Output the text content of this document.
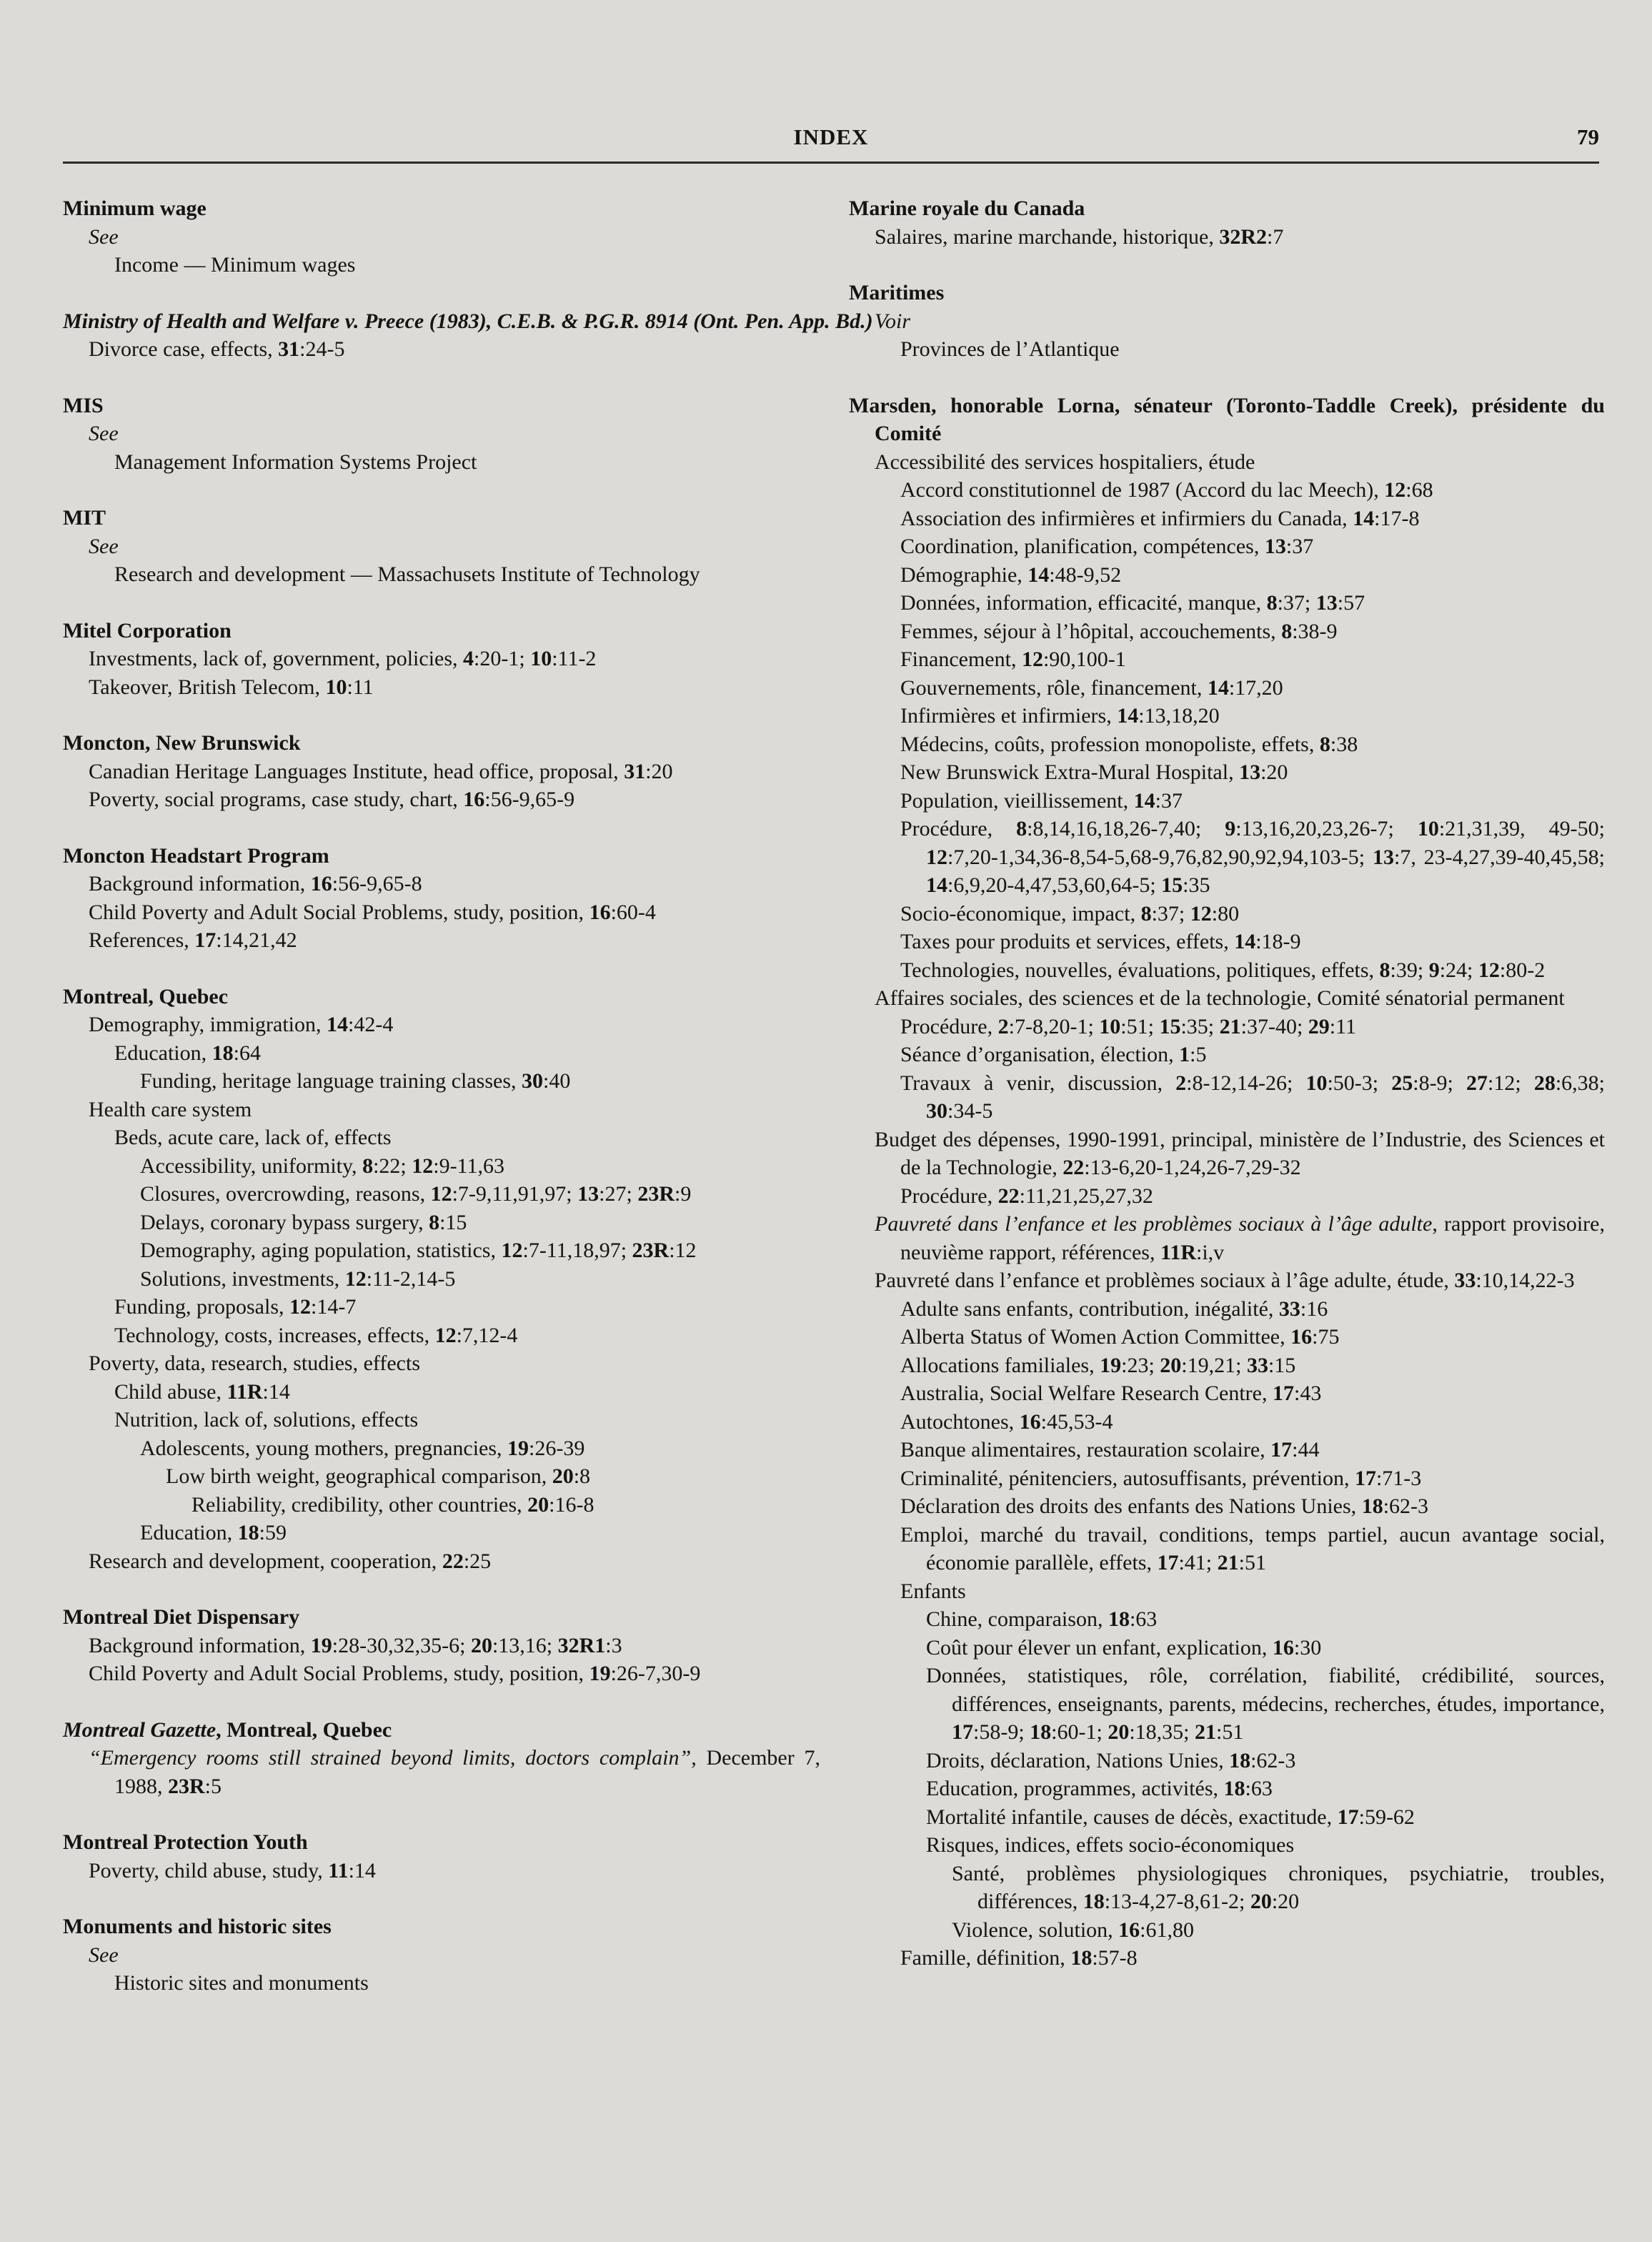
INDEX	79
Minimum wage
See
Income — Minimum wages
Ministry of Health and Welfare v. Preece (1983), C.E.B. & P.G.R. 8914 (Ont. Pen. App. Bd.)
Divorce case, effects, 31:24-5
MIS
See
Management Information Systems Project
MIT
See
Research and development — Massachusets Institute of Technology
Mitel Corporation
Investments, lack of, government, policies, 4:20-1; 10:11-2
Takeover, British Telecom, 10:11
Moncton, New Brunswick
Canadian Heritage Languages Institute, head office, proposal, 31:20
Poverty, social programs, case study, chart, 16:56-9,65-9
Moncton Headstart Program
Background information, 16:56-9,65-8
Child Poverty and Adult Social Problems, study, position, 16:60-4
References, 17:14,21,42
Montreal, Quebec
Demography, immigration, 14:42-4
Education, 18:64
Funding, heritage language training classes, 30:40
Health care system
Beds, acute care, lack of, effects
Accessibility, uniformity, 8:22; 12:9-11,63
Closures, overcrowding, reasons, 12:7-9,11,91,97; 13:27; 23R:9
Delays, coronary bypass surgery, 8:15
Demography, aging population, statistics, 12:7-11,18,97; 23R:12
Solutions, investments, 12:11-2,14-5
Funding, proposals, 12:14-7
Technology, costs, increases, effects, 12:7,12-4
Poverty, data, research, studies, effects
Child abuse, 11R:14
Nutrition, lack of, solutions, effects
Adolescents, young mothers, pregnancies, 19:26-39
Low birth weight, geographical comparison, 20:8
Reliability, credibility, other countries, 20:16-8
Education, 18:59
Research and development, cooperation, 22:25
Montreal Diet Dispensary
Background information, 19:28-30,32,35-6; 20:13,16; 32R1:3
Child Poverty and Adult Social Problems, study, position, 19:26-7,30-9
Montreal Gazette, Montreal, Quebec
“Emergency rooms still strained beyond limits, doctors complain”, December 7, 1988, 23R:5
Montreal Protection Youth
Poverty, child abuse, study, 11:14
Monuments and historic sites
See
Historic sites and monuments
Marine royale du Canada
Salaires, marine marchande, historique, 32R2:7
Maritimes
Voir
Provinces de l’Atlantique
Marsden, honorable Lorna, sénateur (Toronto-Taddle Creek), présidente du Comité
Accessibilité des services hospitaliers, étude
Accord constitutionnel de 1987 (Accord du lac Meech), 12:68
Association des infirmières et infirmiers du Canada, 14:17-8
Coordination, planification, compétences, 13:37
Démographie, 14:48-9,52
Données, information, efficacité, manque, 8:37; 13:57
Femmes, séjour à l’hôpital, accouchements, 8:38-9
Financement, 12:90,100-1
Gouvernements, rôle, financement, 14:17,20
Infirmières et infirmiers, 14:13,18,20
Médecins, coûts, profession monopoliste, effets, 8:38
New Brunswick Extra-Mural Hospital, 13:20
Population, vieillissement, 14:37
Procédure, 8:8,14,16,18,26-7,40; 9:13,16,20,23,26-7; 10:21,31,39, 49-50; 12:7,20-1,34,36-8,54-5,68-9,76,82,90,92,94,103-5; 13:7, 23-4,27,39-40,45,58; 14:6,9,20-4,47,53,60,64-5; 15:35
Socio-économique, impact, 8:37; 12:80
Taxes pour produits et services, effets, 14:18-9
Technologies, nouvelles, évaluations, politiques, effets, 8:39; 9:24; 12:80-2
Affaires sociales, des sciences et de la technologie, Comité sénatorial permanent
Procédure, 2:7-8,20-1; 10:51; 15:35; 21:37-40; 29:11
Séance d’organisation, élection, 1:5
Travaux à venir, discussion, 2:8-12,14-26; 10:50-3; 25:8-9; 27:12; 28:6,38; 30:34-5
Budget des dépenses, 1990-1991, principal, ministère de l’Industrie, des Sciences et de la Technologie, 22:13-6,20-1,24,26-7,29-32
Procédure, 22:11,21,25,27,32
Pauvreté dans l’enfance et les problèmes sociaux à l’âge adulte, rapport provisoire, neuvième rapport, références, 11R:i,v
Pauvreté dans l’enfance et problèmes sociaux à l’âge adulte, étude, 33:10,14,22-3
Adulte sans enfants, contribution, inégalité, 33:16
Alberta Status of Women Action Committee, 16:75
Allocations familiales, 19:23; 20:19,21; 33:15
Australia, Social Welfare Research Centre, 17:43
Autochtones, 16:45,53-4
Banque alimentaires, restauration scolaire, 17:44
Criminalité, pénitenciers, autosuffisants, prévention, 17:71-3
Déclaration des droits des enfants des Nations Unies, 18:62-3
Emploi, marché du travail, conditions, temps partiel, aucun avantage social, économie parallèle, effets, 17:41; 21:51
Enfants
Chine, comparaison, 18:63
Coût pour élever un enfant, explication, 16:30
Données, statistiques, rôle, corrélation, fiabilité, crédibilité, sources, différences, enseignants, parents, médecins, recherches, études, importance, 17:58-9; 18:60-1; 20:18,35; 21:51
Droits, déclaration, Nations Unies, 18:62-3
Education, programmes, activités, 18:63
Mortalité infantile, causes de décès, exactitude, 17:59-62
Risques, indices, effets socio-économiques
Santé, problèmes physiologiques chroniques, psychiatrie, troubles, différences, 18:13-4,27-8,61-2; 20:20
Violence, solution, 16:61,80
Famille, définition, 18:57-8
